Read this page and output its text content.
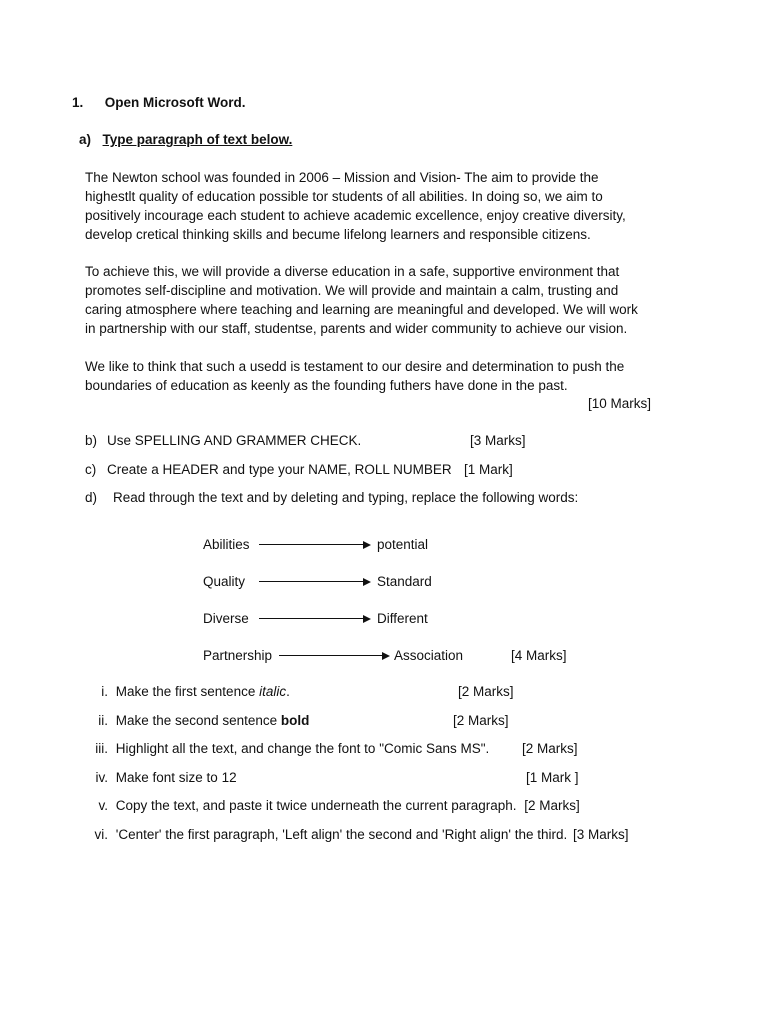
1. Open Microsoft Word.
a) Type paragraph of text below.
The Newton school was founded in 2006 – Mission and Vision- The aim to provide the
highestlt quality of education possible tor students of all abilities. In doing so, we aim to
positively incourage each student to achieve academic excellence, enjoy creative diversity,
develop cretical thinking skills and becume lifelong learners and responsible citizens.
To achieve this, we will provide a diverse education in a safe, supportive environment that
promotes self-discipline and motivation. We will provide and maintain a calm, trusting and
caring atmosphere where teaching and learning are meaningful and developed. We will work
in partnership with our staff, studentse, parents and wider community to achieve our vision.
We like to think that such a usedd is testament to our desire and determination to push the
boundaries of education as keenly as the founding futhers have done in the past.
[10 Marks]
b) Use SPELLING AND GRAMMER CHECK.	[3 Marks]
c) Create a HEADER and type your NAME, ROLL NUMBER [1 Mark]
d) Read through the text and by deleting and typing, replace the following words:
Abilities	potential
Quality	Standard
Diverse	Different
Partnership	Association	[4 Marks]
i. Make the first sentence italic.	[2 Marks]
ii. Make the second sentence bold	[2 Marks]
iii. Highlight all the text, and change the font to "Comic Sans MS". [2 Marks]
iv. Make font size to 12	[1 Mark ]
v. Copy the text, and paste it twice underneath the current paragraph. [2 Marks]
vi. 'Center' the first paragraph, 'Left align' the second and 'Right align' the third. [3 Marks]
